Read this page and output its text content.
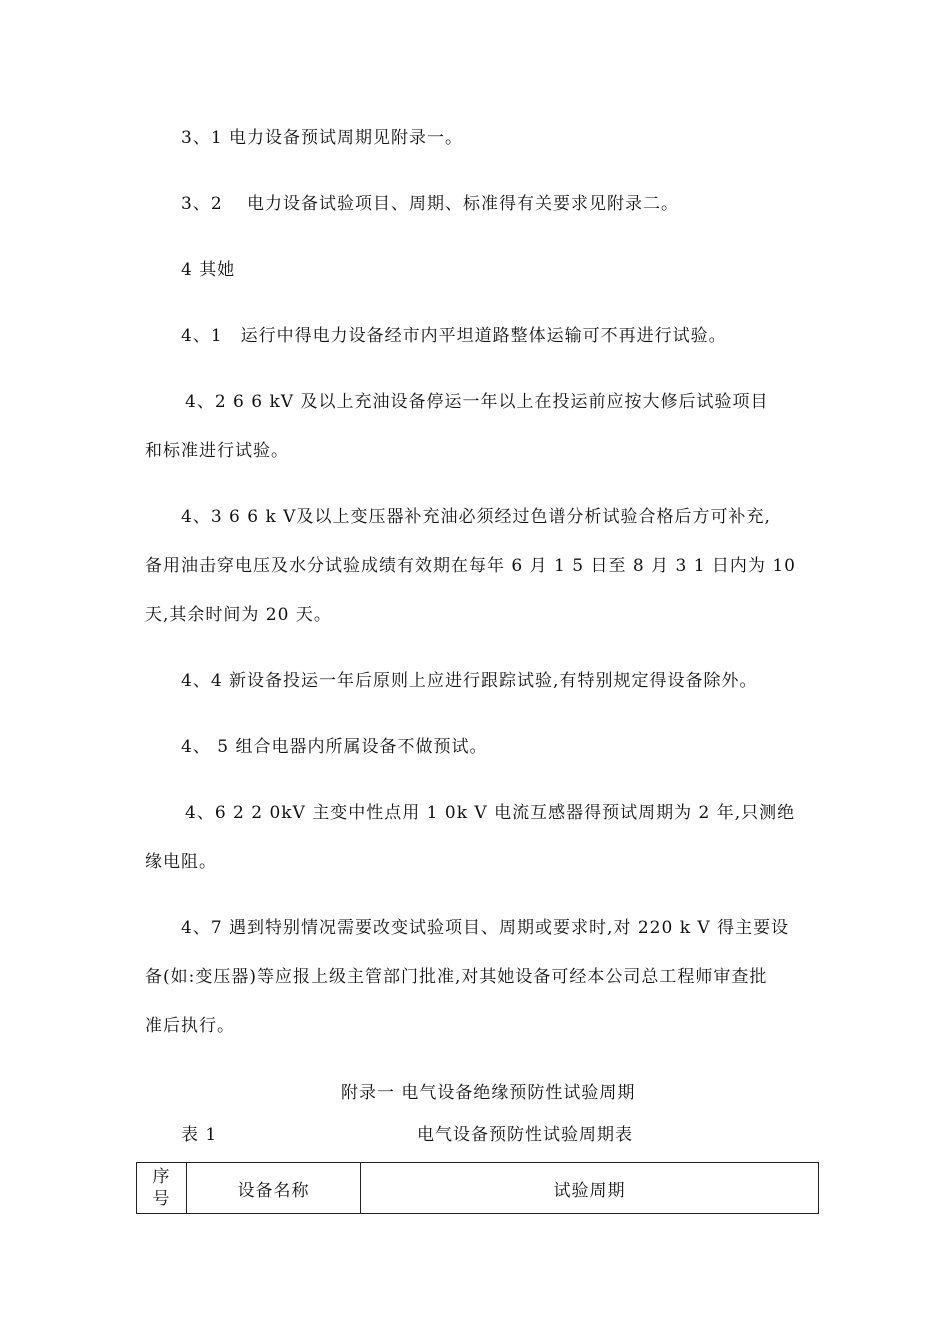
3、1 电力设备预试周期见附录一。
3、2　 电力设备试验项目、周期、标准得有关要求见附录二。
4 其她
4、1　运行中得电力设备经市内平坦道路整体运输可不再进行试验。
4、2 6 6 kV 及以上充油设备停运一年以上在投运前应按大修后试验项目
和标准进行试验。
4、3 6 6 k V及以上变压器补充油必须经过色谱分析试验合格后方可补充,
备用油击穿电压及水分试验成绩有效期在每年 6 月 1 5 日至 8 月 3 1 日内为 10
天,其余时间为 20 天。
4、4 新设备投运一年后原则上应进行跟踪试验,有特别规定得设备除外。
4、 5 组合电器内所属设备不做预试。
4、6 2 2 0kV 主变中性点用 1 0k V 电流互感器得预试周期为 2 年,只测绝
缘电阻。
4、7 遇到特别情况需要改变试验项目、周期或要求时,对 220 k V 得主要设
备(如:变压器)等应报上级主管部门批准,对其她设备可经本公司总工程师审查批
准后执行。
附录一 电气设备绝缘预防性试验周期
表 1	电气设备预防性试验周期表
序
号	设备名称	试验周期
